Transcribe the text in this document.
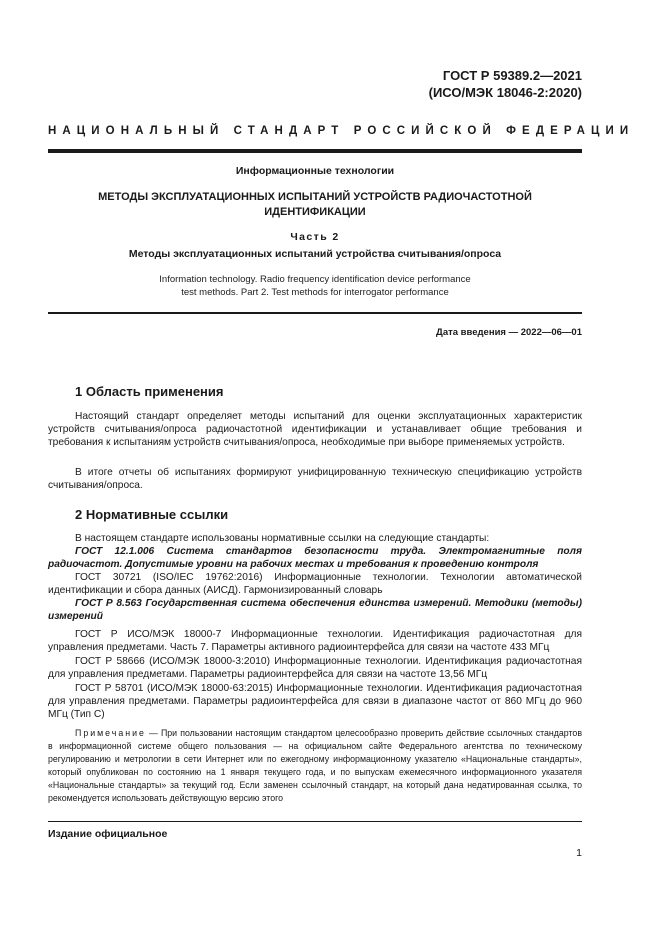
ГОСТ Р 59389.2—2021
(ИСО/МЭК 18046-2:2020)
НАЦИОНАЛЬНЫЙ СТАНДАРТ РОССИЙСКОЙ ФЕДЕРАЦИИ
Информационные технологии
МЕТОДЫ ЭКСПЛУАТАЦИОННЫХ ИСПЫТАНИЙ УСТРОЙСТВ РАДИОЧАСТОТНОЙ ИДЕНТИФИКАЦИИ
Часть 2
Методы эксплуатационных испытаний устройства считывания/опроса
Information technology. Radio frequency identification device performance
test methods. Part 2. Test methods for interrogator performance
Дата введения — 2022—06—01
1 Область применения

Настоящий стандарт определяет методы испытаний для оценки эксплуатационных характеристик устройств считывания/опроса радиочастотной идентификации и устанавливает общие требования и требования к испытаниям устройств считывания/опроса, необходимые при выборе применяемых устройств.

В итоге отчеты об испытаниях формируют унифицированную техническую спецификацию устройств считывания/опроса.

2 Нормативные ссылки

В настоящем стандарте использованы нормативные ссылки на следующие стандарты:

ГОСТ 12.1.006 Система стандартов безопасности труда. Электромагнитные поля радиочастот. Допустимые уровни на рабочих местах и требования к проведению контроля

ГОСТ 30721 (ISO/IEC 19762:2016) Информационные технологии. Технологии автоматической идентификации и сбора данных (АИСД). Гармонизированный словарь

ГОСТ Р 8.563 Государственная система обеспечения единства измерений. Методики (методы) измерений

ГОСТ Р ИСО/МЭК 18000-7 Информационные технологии. Идентификация радиочастотная для управления предметами. Часть 7. Параметры активного радиоинтерфейса для связи на частоте 433 МГц

ГОСТ Р 58666 (ИСО/МЭК 18000-3:2010) Информационные технологии. Идентификация радиочастотная для управления предметами. Параметры радиоинтерфейса для связи на частоте 13,56 МГц

ГОСТ Р 58701 (ИСО/МЭК 18000-63:2015) Информационные технологии. Идентификация радиочастотная для управления предметами. Параметры радиоинтерфейса для связи в диапазоне частот от 860 МГц до 960 МГц (Тип С)

Примечание — При пользовании настоящим стандартом целесообразно проверить действие ссылочных стандартов в информационной системе общего пользования — на официальном сайте Федерального агентства по техническому регулированию и метрологии в сети Интернет или по ежегодному информационному указателю «Национальные стандарты», который опубликован по состоянию на 1 января текущего года, и по выпускам ежемесячного информационного указателя «Национальные стандарты» за текущий год. Если заменен ссылочный стандарт, на который дана недатированная ссылка, то рекомендуется использовать действующую версию этого

Издание официальное
1
